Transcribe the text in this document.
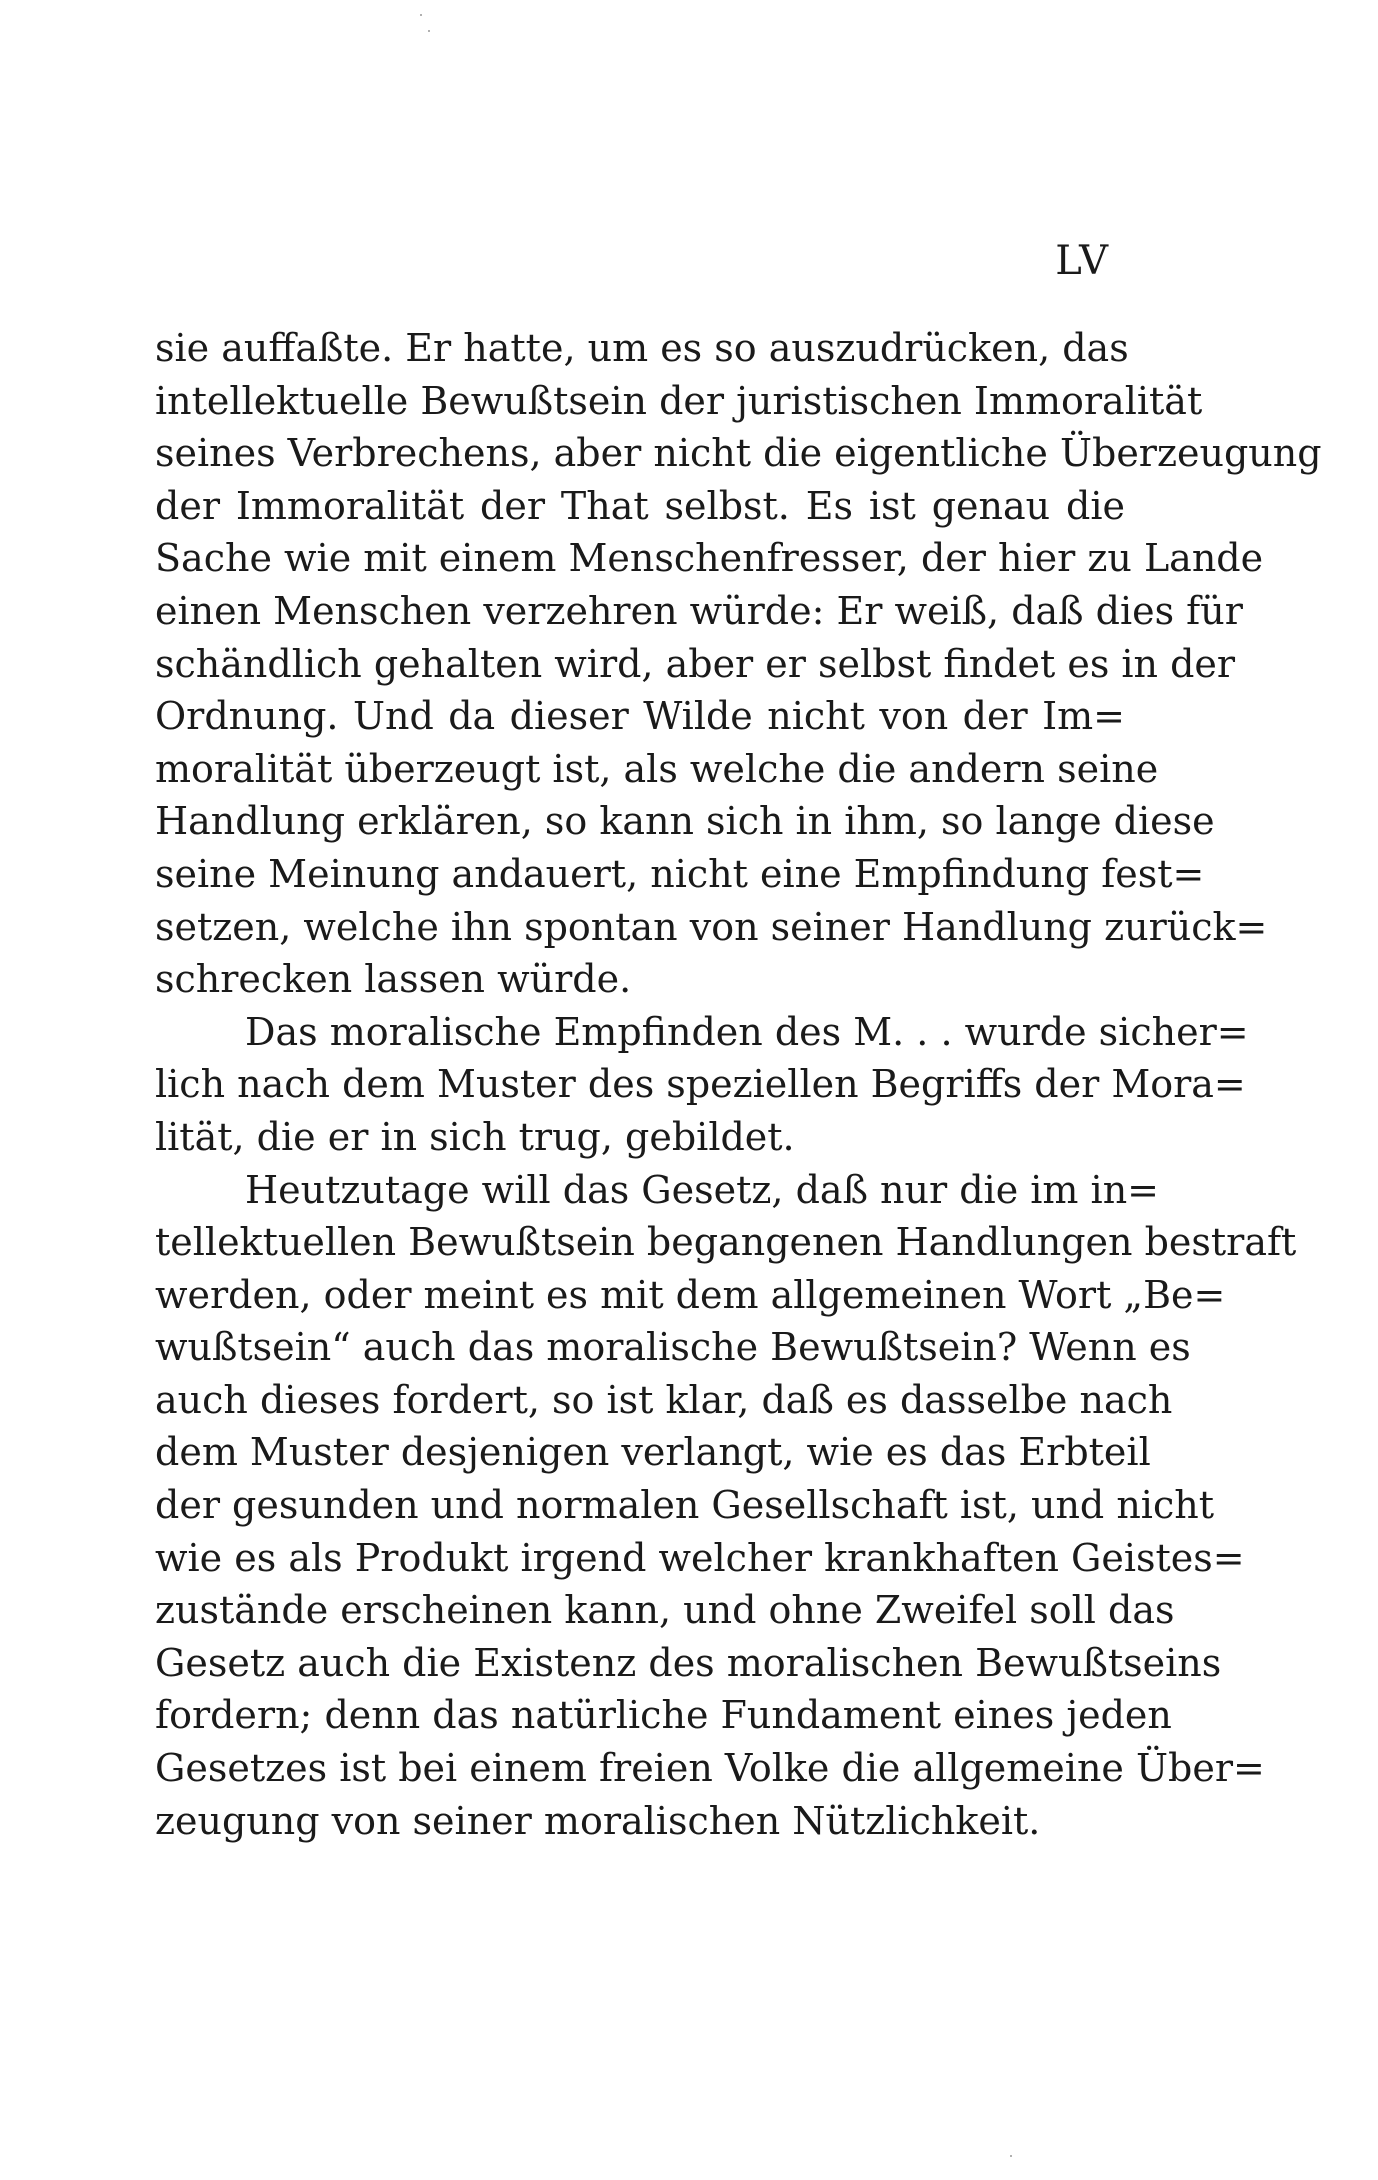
LV
sie auffaßte. Er hatte, um es so auszudrücken, das
intellektuelle Bewußtsein der juristischen Immoralität
seines Verbrechens, aber nicht die eigentliche Überzeugung
der Immoralität der That selbst. Es ist genau die
Sache wie mit einem Menschenfresser, der hier zu Lande
einen Menschen verzehren würde: Er weiß, daß dies für
schändlich gehalten wird, aber er selbst findet es in der
Ordnung. Und da dieser Wilde nicht von der Im=
moralität überzeugt ist, als welche die andern seine
Handlung erklären, so kann sich in ihm, so lange diese
seine Meinung andauert, nicht eine Empfindung fest=
setzen, welche ihn spontan von seiner Handlung zurück=
schrecken lassen würde.
Das moralische Empfinden des M. . . wurde sicher=
lich nach dem Muster des speziellen Begriffs der Mora=
lität, die er in sich trug, gebildet.
Heutzutage will das Gesetz, daß nur die im in=
tellektuellen Bewußtsein begangenen Handlungen bestraft
werden, oder meint es mit dem allgemeinen Wort „Be=
wußtsein“ auch das moralische Bewußtsein? Wenn es
auch dieses fordert, so ist klar, daß es dasselbe nach
dem Muster desjenigen verlangt, wie es das Erbteil
der gesunden und normalen Gesellschaft ist, und nicht
wie es als Produkt irgend welcher krankhaften Geistes=
zustände erscheinen kann, und ohne Zweifel soll das
Gesetz auch die Existenz des moralischen Bewußtseins
fordern; denn das natürliche Fundament eines jeden
Gesetzes ist bei einem freien Volke die allgemeine Über=
zeugung von seiner moralischen Nützlichkeit.
